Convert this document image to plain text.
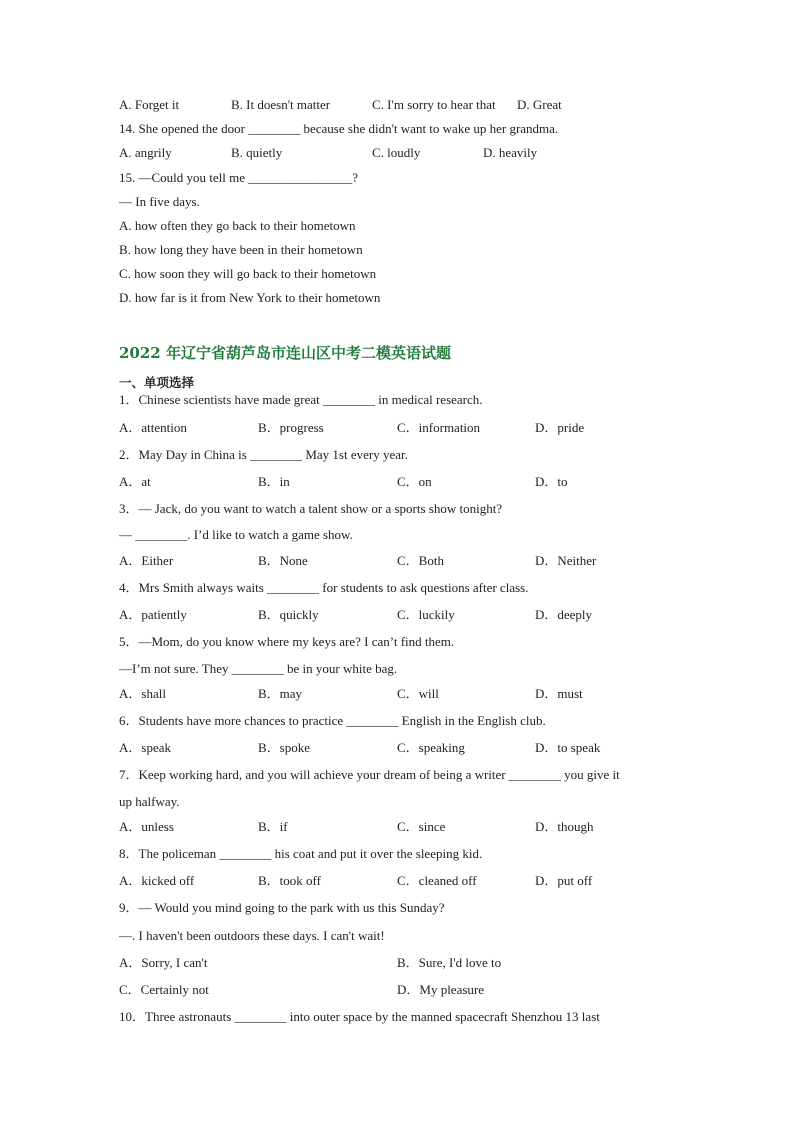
A. Forget it	B. It doesn't matter	C. I'm sorry to hear that D. Great
14. She opened the door ________ because she didn't want to wake up her grandma.
A. angrily	B. quietly	C. loudly	D. heavily
15. —Could you tell me ________________?
— In five days.
A. how often they go back to their hometown
B. how long they have been in their hometown
C. how soon they will go back to their hometown
D. how far is it from New York to their hometown
2022 年辽宁省葫芦岛市连山区中考二模英语试题
一、单项选择
1．Chinese scientists have made great ________ in medical research.
A．attention	B．progress	C．information	D．pride
2．May Day in China is ________ May 1st every year.
A．at	B．in	C．on	D．to
3．— Jack, do you want to watch a talent show or a sports show tonight?
— ________. I’d like to watch a game show.
A．Either	B．None	C．Both	D．Neither
4．Mrs Smith always waits ________ for students to ask questions after class.
A．patiently	B．quickly	C．luckily	D．deeply
5．—Mom, do you know where my keys are? I can’t find them.
—I’m not sure. They ________ be in your white bag.
A．shall	B．may	C．will	D．must
6．Students have more chances to practice ________ English in the English club.
A．speak	B．spoke	C．speaking	D．to speak
7．Keep working hard, and you will achieve your dream of being a writer ________ you give it
up halfway.
A．unless	B．if	C．since	D．though
8．The policeman ________ his coat and put it over the sleeping kid.
A．kicked off	B．took off	C．cleaned off	D．put off
9．— Would you mind going to the park with us this Sunday?
—. I haven't been outdoors these days. I can't wait!
A．Sorry, I can't	B．Sure, I'd love to
C．Certainly not	D．My pleasure
10．Three astronauts ________ into outer space by the manned spacecraft Shenzhou 13 last
